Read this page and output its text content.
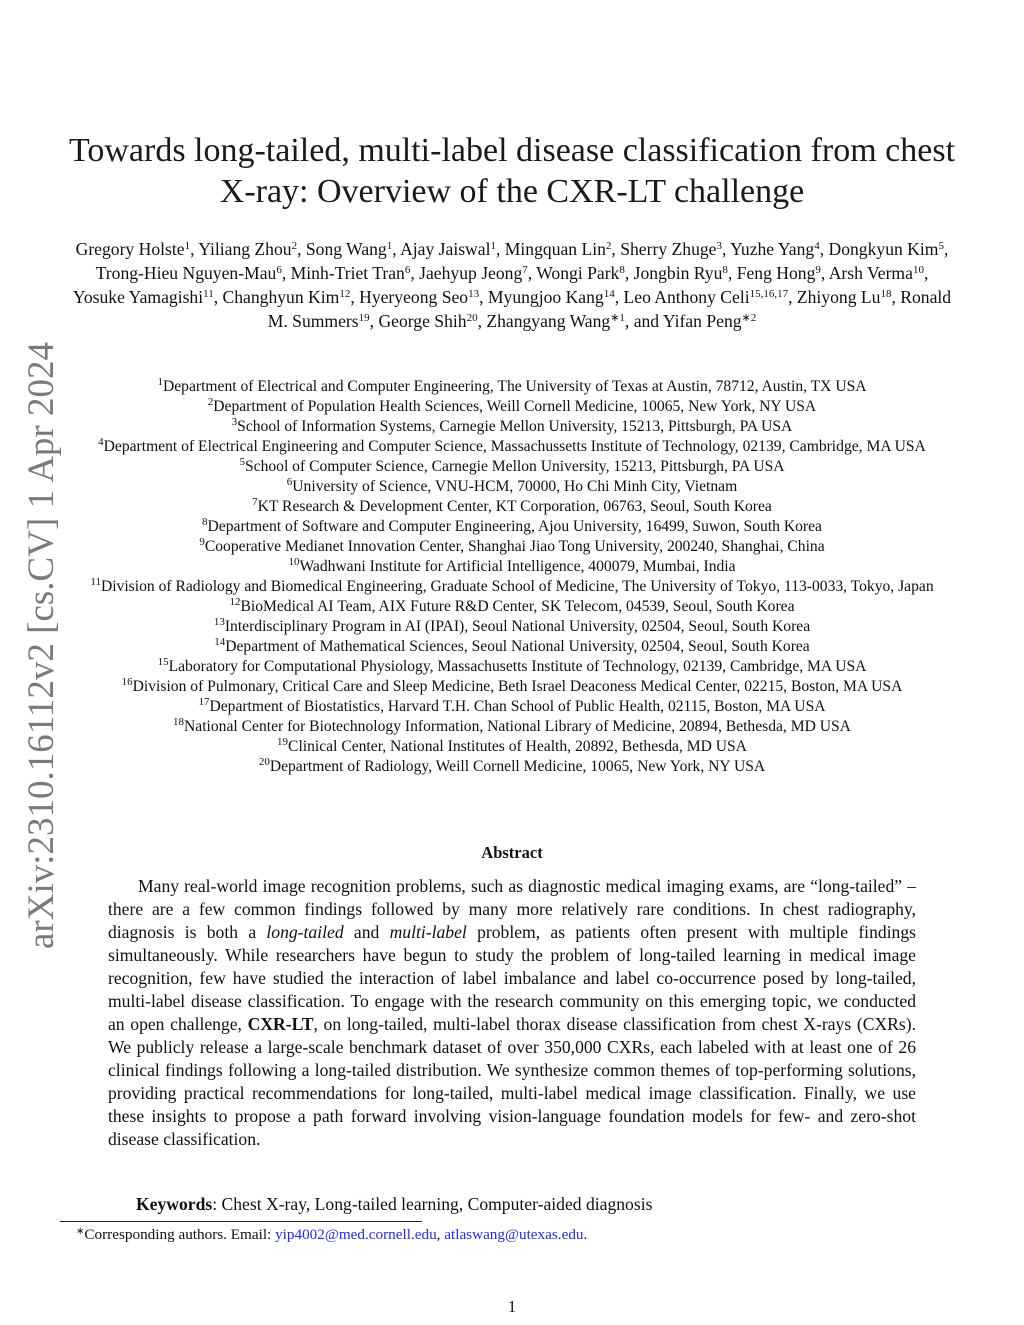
arXiv:2310.16112v2 [cs.CV] 1 Apr 2024
Towards long-tailed, multi-label disease classification from chest
X-ray: Overview of the CXR-LT challenge
Gregory Holste$^1$, Yiliang Zhou$^2$, Song Wang$^1$, Ajay Jaiswal$^1$, Mingquan Lin$^2$, Sherry Zhuge$^3$, Yuzhe Yang$^4$, Dongkyun Kim$^5$, Trong-Hieu Nguyen-Mau$^6$, Minh-Triet Tran$^6$, Jaehyup Jeong$^7$, Wongi Park$^8$, Jongbin Ryu$^8$, Feng Hong$^9$, Arsh Verma$^{10}$, Yosuke Yamagishi$^{11}$, Changhyun Kim$^{12}$, Hyeryeong Seo$^{13}$, Myungjoo Kang$^{14}$, Leo Anthony Celi$^{15,16,17}$, Zhiyong Lu$^{18}$, Ronald M. Summers$^{19}$, George Shih$^{20}$, Zhangyang Wang$^{∗1}$, and Yifan Peng$^{∗2}$

$^1$Department of Electrical and Computer Engineering, The University of Texas at Austin, 78712, Austin, TX USA

$^2$Department of Population Health Sciences, Weill Cornell Medicine, 10065, New York, NY USA

$^3$School of Information Systems, Carnegie Mellon University, 15213, Pittsburgh, PA USA

$^4$Department of Electrical Engineering and Computer Science, Massachussetts Institute of Technology, 02139, Cambridge, MA USA

$^5$School of Computer Science, Carnegie Mellon University, 15213, Pittsburgh, PA USA

$^6$University of Science, VNU-HCM, 70000, Ho Chi Minh City, Vietnam

$^7$KT Research & Development Center, KT Corporation, 06763, Seoul, South Korea

$^8$Department of Software and Computer Engineering, Ajou University, 16499, Suwon, South Korea

$^9$Cooperative Medianet Innovation Center, Shanghai Jiao Tong University, 200240, Shanghai, China

$^{10}$Wadhwani Institute for Artificial Intelligence, 400079, Mumbai, India

$^{11}$Division of Radiology and Biomedical Engineering, Graduate School of Medicine, The University of Tokyo, 113-0033, Tokyo, Japan

$^{12}$BioMedical AI Team, AIX Future R&D Center, SK Telecom, 04539, Seoul, South Korea

$^{13}$Interdisciplinary Program in AI (IPAI), Seoul National University, 02504, Seoul, South Korea

$^{14}$Department of Mathematical Sciences, Seoul National University, 02504, Seoul, South Korea

$^{15}$Laboratory for Computational Physiology, Massachusetts Institute of Technology, 02139, Cambridge, MA USA

$^{16}$Division of Pulmonary, Critical Care and Sleep Medicine, Beth Israel Deaconess Medical Center, 02215, Boston, MA USA

$^{17}$Department of Biostatistics, Harvard T.H. Chan School of Public Health, 02115, Boston, MA USA

$^{18}$National Center for Biotechnology Information, National Library of Medicine, 20894, Bethesda, MD USA

$^{19}$Clinical Center, National Institutes of Health, 20892, Bethesda, MD USA

$^{20}$Department of Radiology, Weill Cornell Medicine, 10065, New York, NY USA

Abstract

Many real-world image recognition problems, such as diagnostic medical imaging exams, are “long-tailed” – there are a few common findings followed by many more relatively rare conditions. In chest radiography, diagnosis is both a long-tailed and multi-label problem, as patients often present with multiple findings simultaneously. While researchers have begun to study the problem of long-tailed learning in medical image recognition, few have studied the interaction of label imbalance and label co-occurrence posed by long-tailed, multi-label disease classification. To engage with the research community on this emerging topic, we conducted an open challenge, CXR-LT, on long-tailed, multi-label thorax disease classification from chest X-rays (CXRs). We publicly release a large-scale benchmark dataset of over 350,000 CXRs, each labeled with at least one of 26 clinical findings following a long-tailed distribution. We synthesize common themes of top-performing solutions, providing practical recommendations for long-tailed, multi-label medical image classification. Finally, we use these insights to propose a path forward involving vision-language foundation models for few- and zero-shot disease classification.

Keywords: Chest X-ray, Long-tailed learning, Computer-aided diagnosis
∗Corresponding authors. Email: yip4002@med.cornell.edu, atlaswang@utexas.edu.
1
